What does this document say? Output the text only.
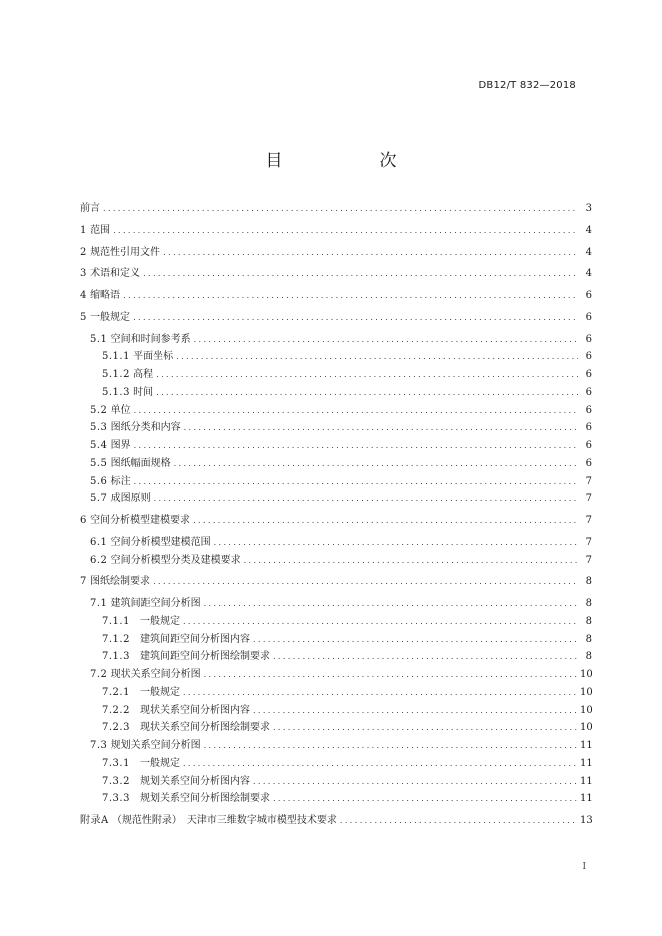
DB12/T 832—2018
目　次
前言 .....	3
1 范围 .....	4
2 规范性引用文件 .....	4
3 术语和定义 .....	4
4 缩略语 .....	6
5 一般规定 .....	6
5.1 空间和时间参考系 .....	6
5.1.1 平面坐标 .....	6
5.1.2 高程 .....	6
5.1.3 时间 .....	6
5.2 单位 .....	6
5.3 图纸分类和内容 .....	6
5.4 图界 .....	6
5.5 图纸幅面规格 .....	6
5.6 标注 .....	7
5.7 成图原则 .....	7
6 空间分析模型建模要求 .....	7
6.1 空间分析模型建模范围 .....	7
6.2 空间分析模型分类及建模要求 .....	7
7 图纸绘制要求 .....	8
7.1 建筑间距空间分析图 .....	8
7.1.1　 一般规定 .....	8
7.1.2　 建筑间距空间分析图内容 .....	8
7.1.3　 建筑间距空间分析图绘制要求 .....	8
7.2 现状关系空间分析图 .....	10
7.2.1　 一般规定 .....	10
7.2.2　 现状关系空间分析图内容 .....	10
7.2.3　 现状关系空间分析图绘制要求 .....	10
7.3 规划关系空间分析图 .....	11
7.3.1　 一般规定 .....	11
7.3.2　 规划关系空间分析图内容 .....	11
7.3.3　 规划关系空间分析图绘制要求 .....	11
附录A （规范性附录）　天津市三维数字城市模型技术要求 .....	13
I
